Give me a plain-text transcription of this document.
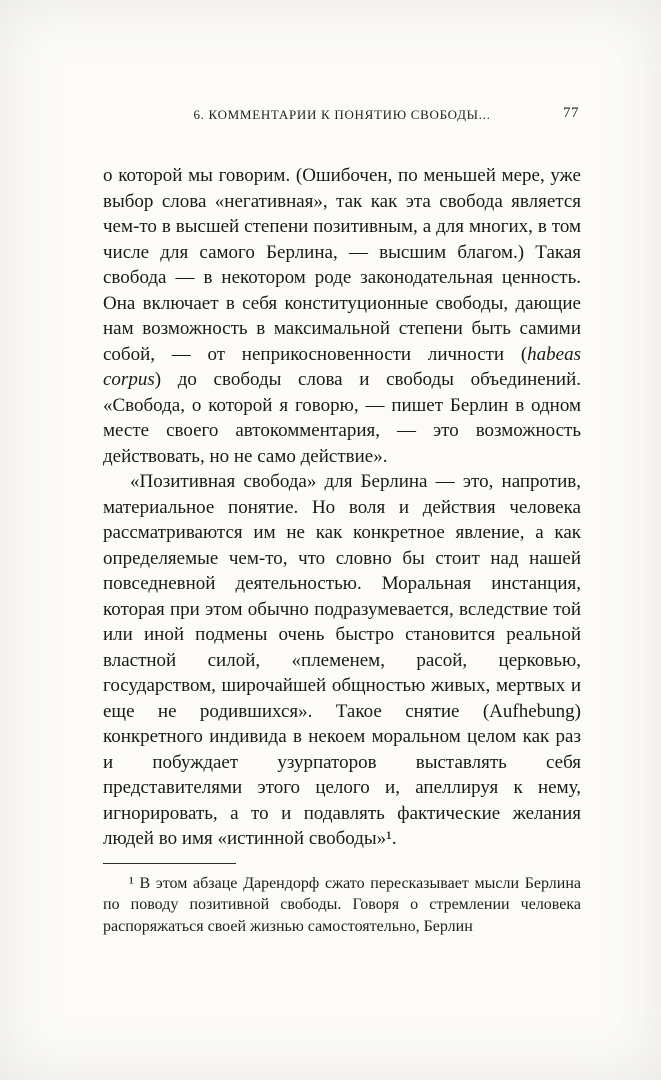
6. КОММЕНТАРИИ К ПОНЯТИЮ СВОБОДЫ...	77

о которой мы говорим. (Ошибочен, по меньшей мере, уже выбор слова «негативная», так как эта свобода является чем-то в высшей степени позитивным, а для многих, в том числе для самого Берлина, — высшим благом.) Такая свобода — в некотором роде законодательная ценность. Она включает в себя конституционные свободы, дающие нам возможность в максимальной степени быть самими собой, — от неприкосновенности личности (habeas corpus) до свободы слова и свободы объединений. «Свобода, о которой я говорю, — пишет Берлин в одном месте своего автокомментария, — это возможность действовать, но не само действие».

«Позитивная свобода» для Берлина — это, напротив, материальное понятие. Но воля и действия человека рассматриваются им не как конкретное явление, а как определяемые чем-то, что словно бы стоит над нашей повседневной деятельностью. Моральная инстанция, которая при этом обычно подразумевается, вследствие той или иной подмены очень быстро становится реальной властной силой, «племенем, расой, церковью, государством, широчайшей общностью живых, мертвых и еще не родившихся». Такое снятие (Aufhebung) конкретного индивида в некоем моральном целом как раз и побуждает узурпаторов выставлять себя представителями этого целого и, апеллируя к нему, игнорировать, а то и подавлять фактические желания людей во имя «истинной свободы»¹.

¹ В этом абзаце Дарендорф сжато пересказывает мысли Берлина по поводу позитивной свободы. Говоря о стремлении человека распоряжаться своей жизнью самостоятельно, Берлин
